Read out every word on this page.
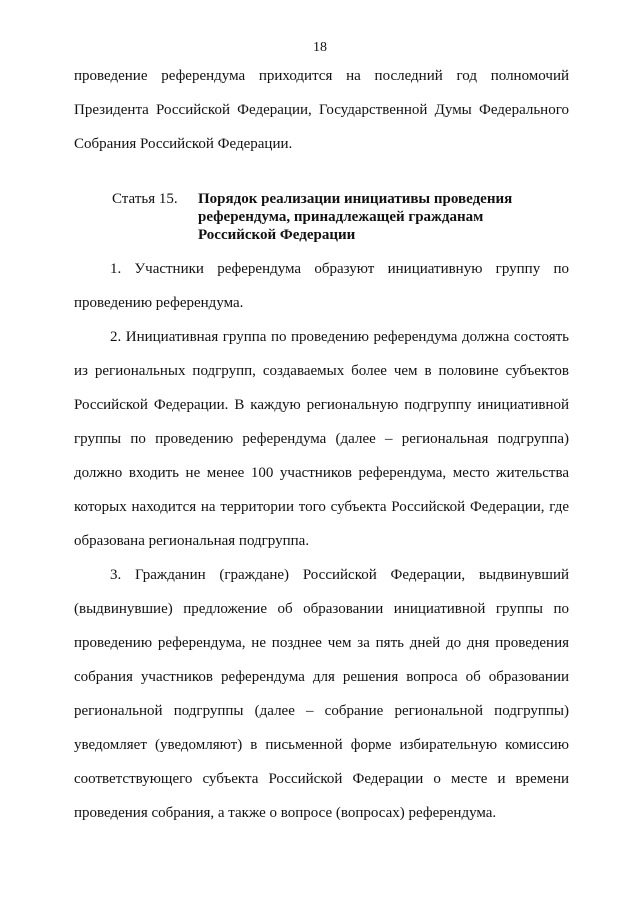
18
проведение референдума приходится на последний год полномочий
Президента Российской Федерации, Государственной Думы Федерального
Собрания Российской Федерации.
Статья 15. Порядок реализации инициативы проведения
референдума, принадлежащей гражданам
Российской Федерации
1. Участники референдума образуют инициативную группу по
проведению референдума.
2. Инициативная группа по проведению референдума должна состоять
из региональных подгрупп, создаваемых более чем в половине субъектов
Российской Федерации. В каждую региональную подгруппу инициативной
группы по проведению референдума (далее – региональная подгруппа)
должно входить не менее 100 участников референдума, место жительства
которых находится на территории того субъекта Российской Федерации, где
образована региональная подгруппа.
3. Гражданин (граждане) Российской Федерации, выдвинувший
(выдвинувшие) предложение об образовании инициативной группы по
проведению референдума, не позднее чем за пять дней до дня проведения
собрания участников референдума для решения вопроса об образовании
региональной подгруппы (далее – собрание региональной подгруппы)
уведомляет (уведомляют) в письменной форме избирательную комиссию
соответствующего субъекта Российской Федерации о месте и времени
проведения собрания, а также о вопросе (вопросах) референдума.
